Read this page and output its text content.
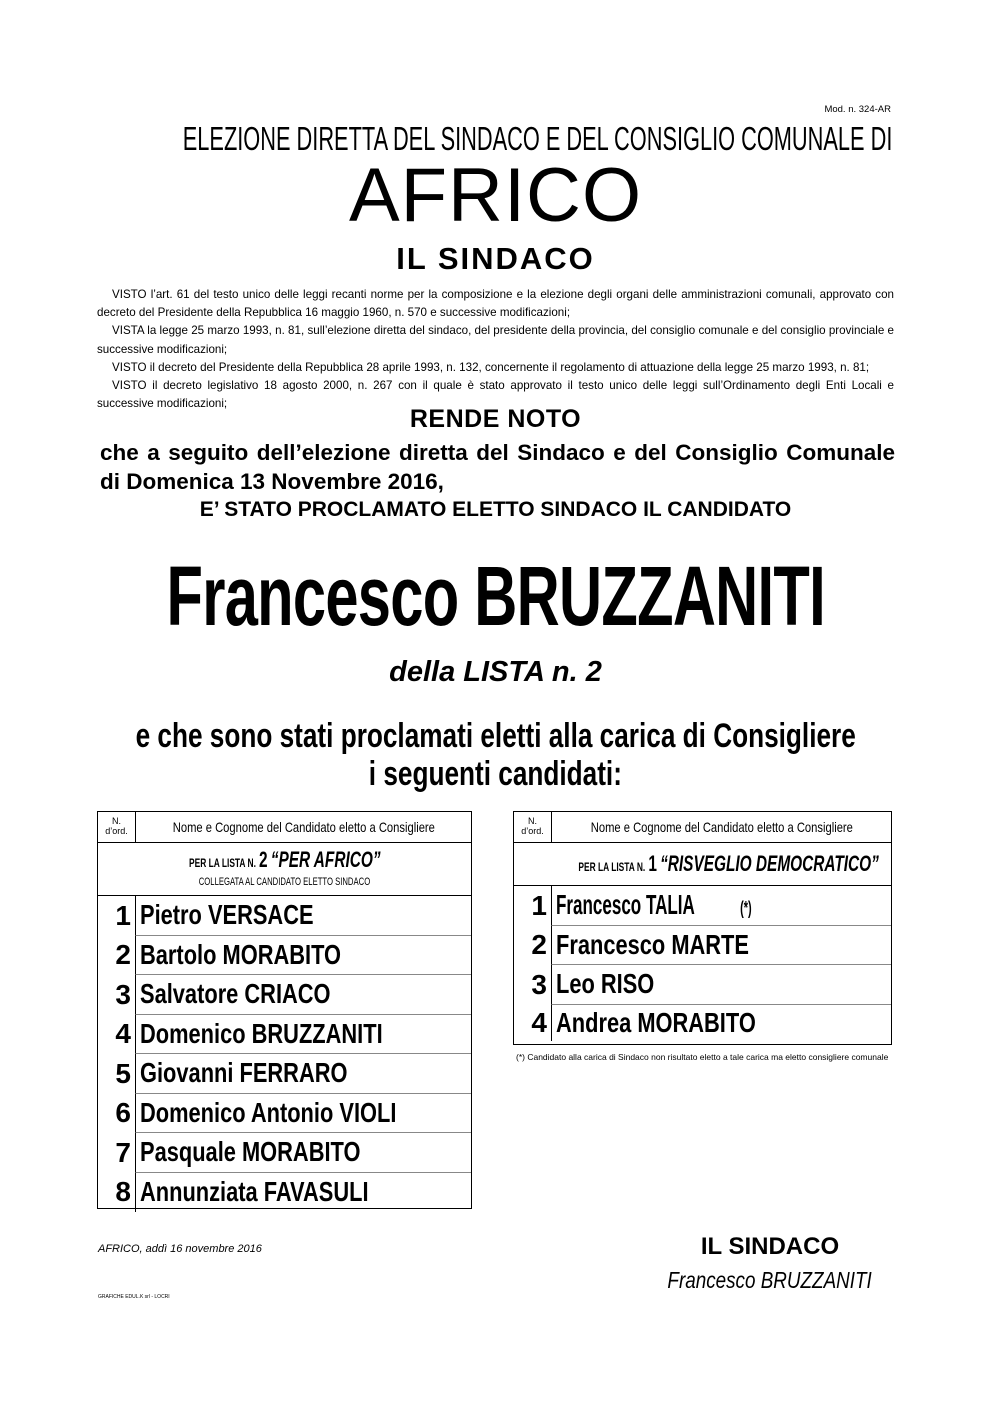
Mod. n. 324-AR
ELEZIONE DIRETTA DEL SINDACO E DEL CONSIGLIO COMUNALE DI
AFRICO
IL SINDACO

VISTO l’art. 61 del testo unico delle leggi recanti norme per la composizione e la elezione degli organi delle amministrazioni comunali, approvato con decreto del Presidente della Repubblica 16 maggio 1960, n. 570 e successive modificazioni;

VISTA la legge 25 marzo 1993, n. 81, sull’elezione diretta del sindaco, del presidente della provincia, del consiglio comunale e del consiglio provinciale e successive modificazioni;

VISTO il decreto del Presidente della Repubblica 28 aprile 1993, n. 132, concernente il regolamento di attuazione della legge 25 marzo 1993, n. 81;

VISTO il decreto legislativo 18 agosto 2000, n. 267 con il quale è stato approvato il testo unico delle leggi sull’Ordinamento degli Enti Locali e successive modificazioni;

RENDE NOTO
che a seguito dell’elezione diretta del Sindaco e del Consiglio Comunale di Domenica 13 Novembre 2016,
E’ STATO PROCLAMATO ELETTO SINDACO IL CANDIDATO
Francesco BRUZZANITI
della LISTA n. 2
e che sono stati proclamati eletti alla carica di Consigliere
i seguenti candidati:
N.
d’ord.	Nome e Cognome del Candidato eletto a Consigliere
PER LA LISTA N. 2 “PER AFRICO”
COLLEGATA AL CANDIDATO ELETTO SINDACO
1 Pietro VERSACE
2 Bartolo MORABITO
3 Salvatore CRIACO
4 Domenico BRUZZANITI
5 Giovanni FERRARO
6 Domenico Antonio VIOLI
7 Pasquale MORABITO
8 Annunziata FAVASULI
N.
d’ord.	Nome e Cognome del Candidato eletto a Consigliere
PER LA LISTA N. 1 “RISVEGLIO DEMOCRATICO”
1 Francesco TALIA	(*)
2 Francesco MARTE
3 Leo RISO
4 Andrea MORABITO
(*) Candidato alla carica di Sindaco non risultato eletto a tale carica ma eletto consigliere comunale
AFRICO, addì 16 novembre 2016	IL SINDACO
Francesco BRUZZANITI
GRAFICHE EDUL.K srl - LOCRI
